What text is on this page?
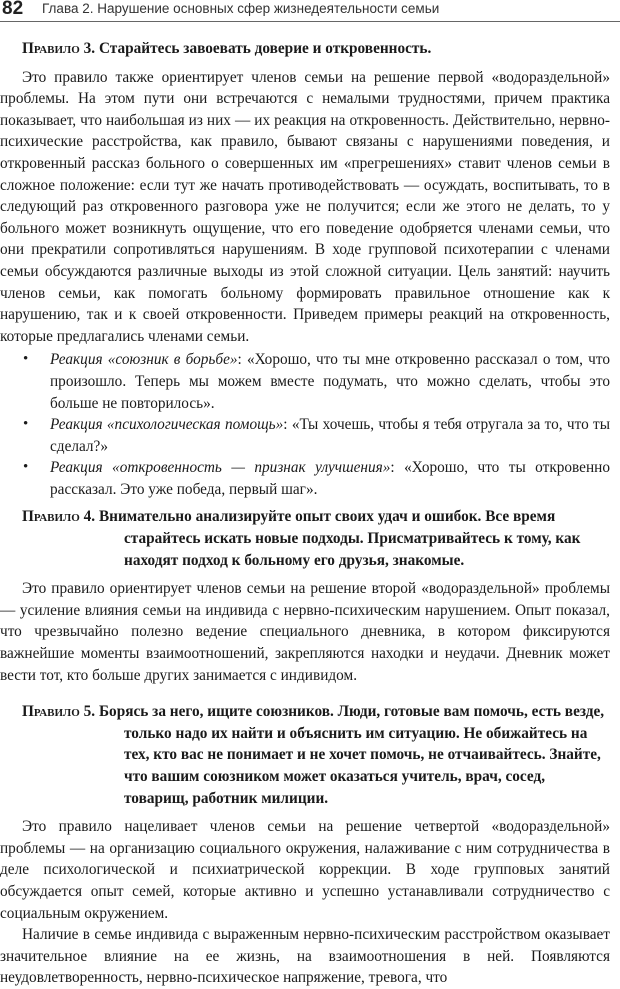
82 Глава 2. Нарушение основных сфер жизнедеятельности семьи

Правило 3. Старайтесь завоевать доверие и откровенность.

Это правило также ориентирует членов семьи на решение первой «водораздельной» проблемы. На этом пути они встречаются с немалыми трудностями, причем практика показывает, что наибольшая из них — их реакция на откровенность. Действительно, нервно-психические расстройства, как правило, бывают связаны с нарушениями поведения, и откровенный рассказ больного о совершенных им «прегрешениях» ставит членов семьи в сложное положение: если тут же начать противодействовать — осуждать, воспитывать, то в следующий раз откровенного разговора уже не получится; если же этого не делать, то у больного может возникнуть ощущение, что его поведение одобряется членами семьи, что они прекратили сопротивляться нарушениям. В ходе групповой психотерапии с членами семьи обсуждаются различные выходы из этой сложной ситуации. Цель занятий: научить членов семьи, как помогать больному формировать правильное отношение как к нарушению, так и к своей откровенности. Приведем примеры реакций на откровенность, которые предлагались членами семьи.

• Реакция «союзник в борьбе»: «Хорошо, что ты мне откровенно рассказал о том, что произошло. Теперь мы можем вместе подумать, что можно сделать, чтобы это больше не повторилось».
• Реакция «психологическая помощь»: «Ты хочешь, чтобы я тебя отругала за то, что ты сделал?»
• Реакция «откровенность — признак улучшения»: «Хорошо, что ты откровенно рассказал. Это уже победа, первый шаг».

Правило 4. Внимательно анализируйте опыт своих удач и ошибок. Все время старайтесь искать новые подходы. Присматривайтесь к тому, как находят подход к больному его друзья, знакомые.

Это правило ориентирует членов семьи на решение второй «водораздельной» проблемы — усиление влияния семьи на индивида с нервно-психическим нарушением. Опыт показал, что чрезвычайно полезно ведение специального дневника, в котором фиксируются важнейшие моменты взаимоотношений, закрепляются находки и неудачи. Дневник может вести тот, кто больше других занимается с индивидом.

Правило 5. Борясь за него, ищите союзников. Люди, готовые вам помочь, есть везде, только надо их найти и объяснить им ситуацию. Не обижайтесь на тех, кто вас не понимает и не хочет помочь, не отчаивайтесь. Знайте, что вашим союзником может оказаться учитель, врач, сосед, товарищ, работник милиции.

Это правило нацеливает членов семьи на решение четвертой «водораздельной» проблемы — на организацию социального окружения, налаживание с ним сотрудничества в деле психологической и психиатрической коррекции. В ходе групповых занятий обсуждается опыт семей, которые активно и успешно устанавливали сотрудничество с социальным окружением.

Наличие в семье индивида с выраженным нервно-психическим расстройством оказывает значительное влияние на ее жизнь, на взаимоотношения в ней. Появляются неудовлетворенность, нервно-психическое напряжение, тревога, что
